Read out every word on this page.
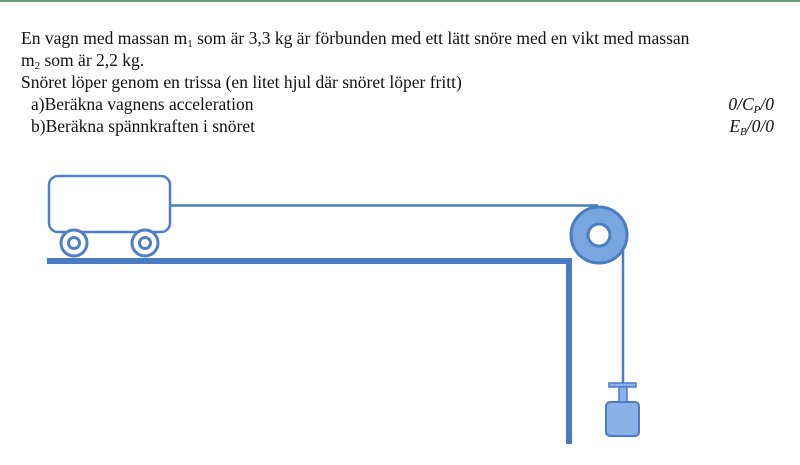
En vagn med massan $m_1$ som är 3,3 kg är förbunden med ett lätt snöre med en vikt med massan
$m_2$ som är 2,2 kg.
Snöret löper genom en trissa (en litet hjul där snöret löper fritt)
a)Beräkna vagnens acceleration	$0/C_P/0$
b)Beräkna spännkraften i snöret	$E_B/0/0$
